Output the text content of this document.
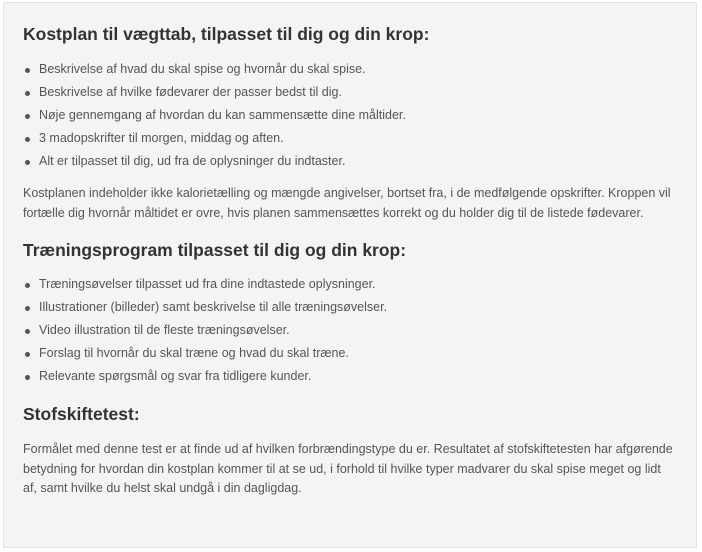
Kostplan til vægttab, tilpasset til dig og din krop:
Beskrivelse af hvad du skal spise og hvornår du skal spise.
Beskrivelse af hvilke fødevarer der passer bedst til dig.
Nøje gennemgang af hvordan du kan sammensætte dine måltider.
3 madopskrifter til morgen, middag og aften.
Alt er tilpasset til dig, ud fra de oplysninger du indtaster.

Kostplanen indeholder ikke kalorietælling og mængde angivelser, bortset fra, i de medfølgende opskrifter. Kroppen vil fortælle dig hvornår måltidet er ovre, hvis planen sammensættes korrekt og du holder dig til de listede fødevarer.

Træningsprogram tilpasset til dig og din krop:
Træningsøvelser tilpasset ud fra dine indtastede oplysninger.
Illustrationer (billeder) samt beskrivelse til alle træningsøvelser.
Video illustration til de fleste træningsøvelser.
Forslag til hvornår du skal træne og hvad du skal træne.
Relevante spørgsmål og svar fra tidligere kunder.
Stofskiftetest:

Formålet med denne test er at finde ud af hvilken forbrændingstype du er. Resultatet af stofskiftetesten har afgørende betydning for hvordan din kostplan kommer til at se ud, i forhold til hvilke typer madvarer du skal spise meget og lidt af, samt hvilke du helst skal undgå i din dagligdag.
